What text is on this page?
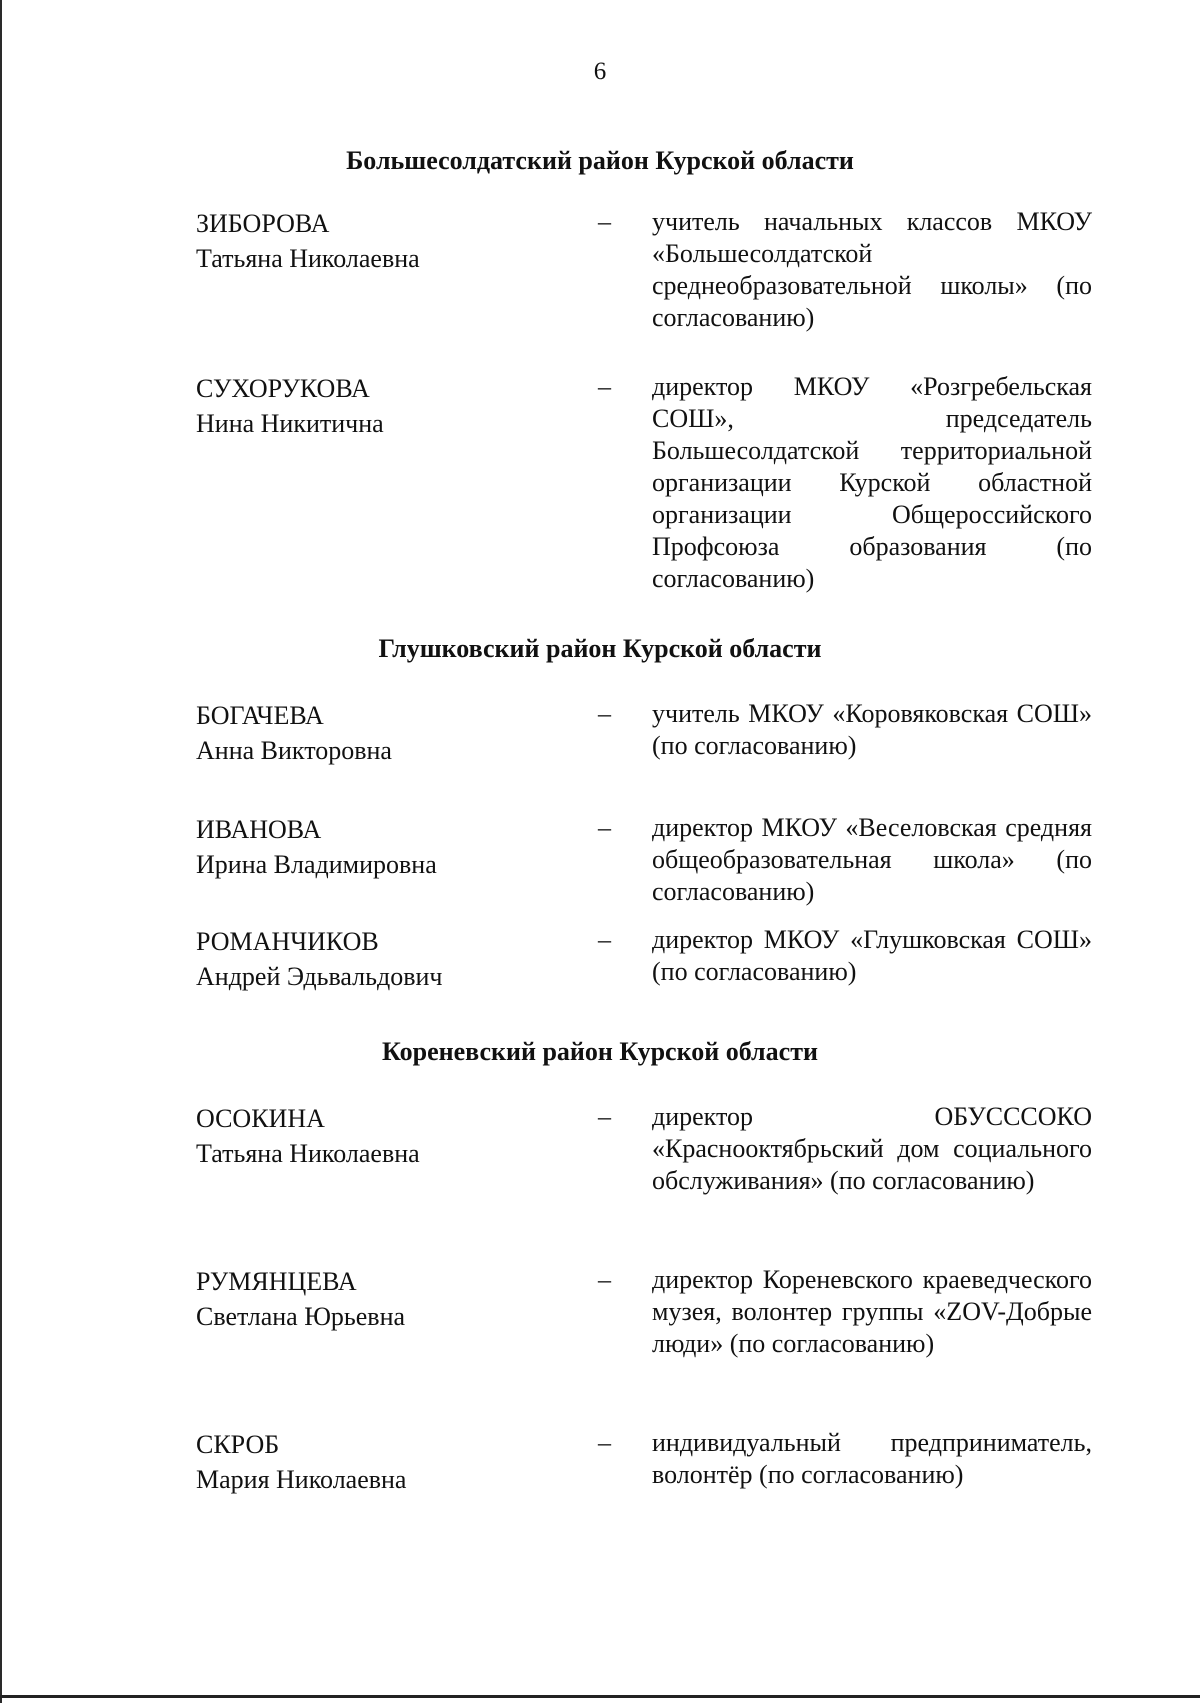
6
Большесолдатский район Курской области
ЗИБОРОВА
Татьяна Николаевна
–	учитель начальных классов МКОУ «Большесолдатской среднеобразовательной школы» (по согласованию)
СУХОРУКОВА
Нина Никитична
–	директор МКОУ «Розгребельская СОШ», председатель Большесолдатской территориальной организации Курской областной организации Общероссийского Профсоюза образования (по согласованию)
Глушковский район Курской области
БОГАЧЕВА
Анна Викторовна
–	учитель МКОУ «Коровяковская СОШ» (по согласованию)
ИВАНОВА
Ирина Владимировна
–	директор МКОУ «Веселовская средняя общеобразовательная школа» (по согласованию)
РОМАНЧИКОВ
Андрей Эдьвальдович
–	директор МКОУ «Глушковская СОШ» (по согласованию)
Кореневский район Курской области
ОСОКИНА
Татьяна Николаевна
–	директор ОБУСССОКО «Краснооктябрьский дом социального обслуживания» (по согласованию)
РУМЯНЦЕВА
Светлана Юрьевна
–	директор Кореневского краеведческого музея, волонтер группы «ZOV-Добрые люди» (по согласованию)
СКРОБ
Мария Николаевна
–	индивидуальный предприниматель, волонтёр (по согласованию)
